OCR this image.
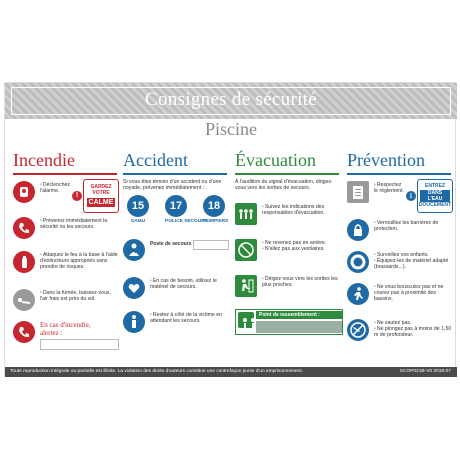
Consignes de sécurité
Piscine
Incendie
•Déclenchez l'alarme.
!
GARDEZ VOTRE
CALME
•Prévenez immédiatement la sécurité ou les secours.
•Attaquez le feu à la base à l'aide d'extincteurs appropriés sans prendre de risques.
•Dans la fumée, baissez-vous, l'air frais est près du sol.
En cas d'incendie,
alertez :
Accident
Si vous êtes témoin d'un accident ou d'une noyade, prévenez immédiatement :
15
SAMU
17
POLICE SECOURS
18
POMPIERS
Poste de secours :
•En cas de besoin, utilisez le matériel de secours.
•Restez à côté de la victime en attendant les secours.
Évacuation
À l'audition du signal d'évacuation, dirigez-vous vers les sorties de secours.
•Suivez les indications des responsables d'évacuation.
•Ne revenez pas en arrière.
•N'allez pas aux vestiaires.
•Dirigez-vous vers les sorties les plus proches.
Point de rassemblement :
Prévention
•Respectez le règlement.
i
ENTREZ
DANS L'EAU
DOUCEMENT
•Verrouillez les barrières de protection.
•Surveillez vos enfants.
•Équipez-les de matériel adapté (brassards...).
•Ne vous bousculez pas et ne courez pas à proximité des bassins.
•Ne sautez pas.
•Ne plongez pas à moins de 1,50 m de profondeur.
Toute reproduction intégrale ou partielle est illicite. La violation des droits d'auteurs constitue une contrefaçon punie d'un emprisonnement.	SCOP021B-V0 2018-07
